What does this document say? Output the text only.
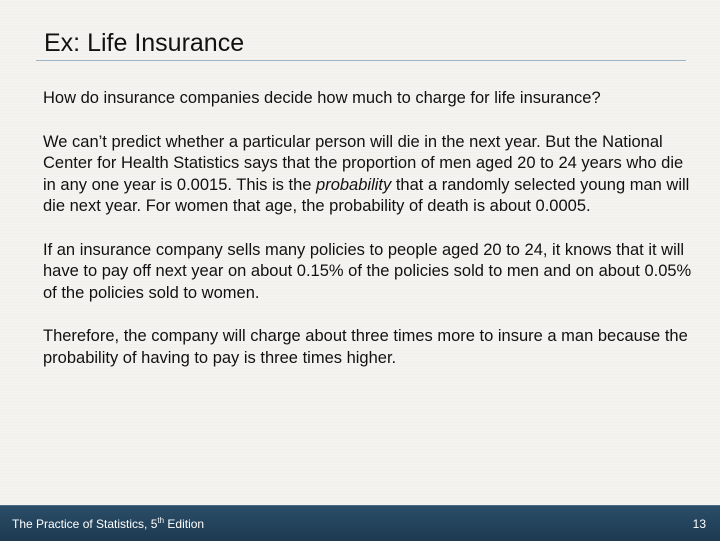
Ex: Life Insurance

How do insurance companies decide how much to charge for life insurance?

We can’t predict whether a particular person will die in the next year. But the National Center for Health Statistics says that the proportion of men aged 20 to 24 years who die in any one year is 0.0015. This is the probability that a randomly selected young man will die next year. For women that age, the probability of death is about 0.0005.

If an insurance company sells many policies to people aged 20 to 24, it knows that it will have to pay off next year on about 0.15% of the policies sold to men and on about 0.05% of the policies sold to women.

Therefore, the company will charge about three times more to insure a man because the probability of having to pay is three times higher.

The Practice of Statistics, 5th Edition	13
